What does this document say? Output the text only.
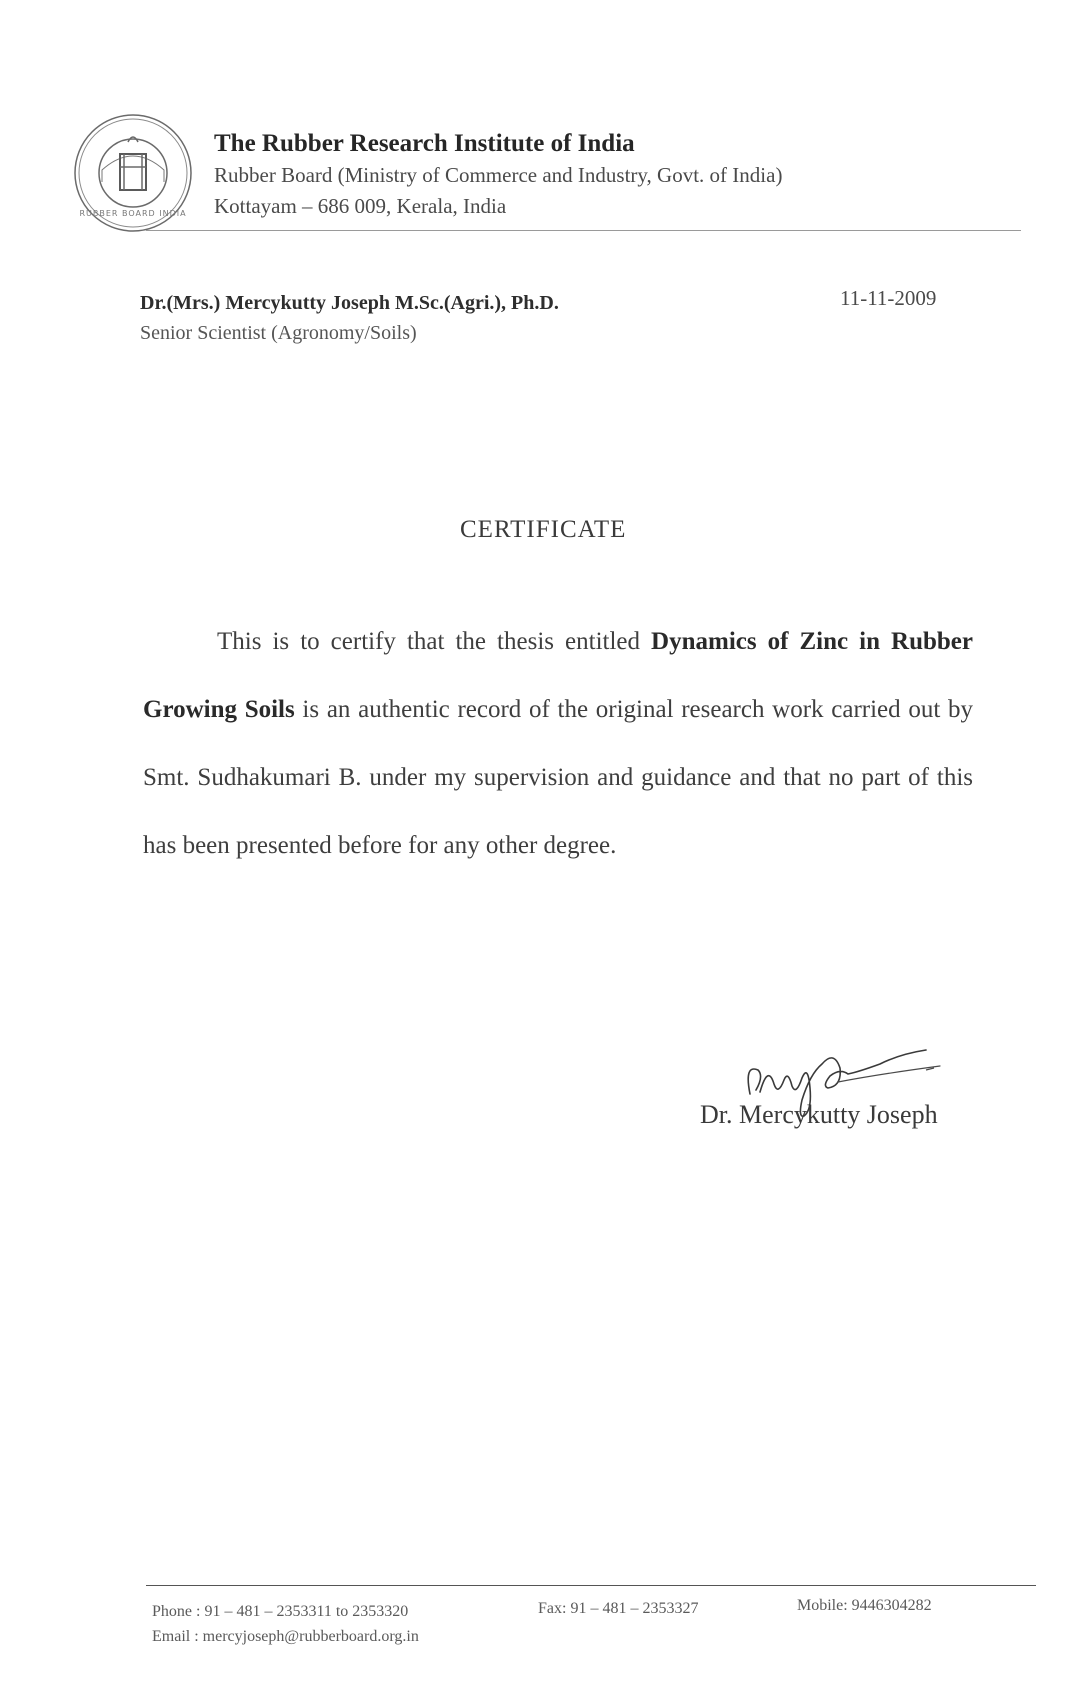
RUBBER BOARD INDIA
The Rubber Research Institute of India
Rubber Board (Ministry of Commerce and Industry, Govt. of India)
Kottayam – 686 009, Kerala, India
Dr.(Mrs.) Mercykutty Joseph M.Sc.(Agri.), Ph.D.
Senior Scientist (Agronomy/Soils)
11-11-2009
CERTIFICATE
This is to certify that the thesis entitled Dynamics of Zinc in Rubber Growing Soils is an authentic record of the original research work carried out by Smt. Sudhakumari B. under my supervision and guidance and that no part of this has been presented before for any other degree.
Dr. Mercykutty Joseph
Phone : 91 – 481 – 2353311 to 2353320	Fax: 91 – 481 – 2353327	Mobile: 9446304282
Email : mercyjoseph@rubberboard.org.in
